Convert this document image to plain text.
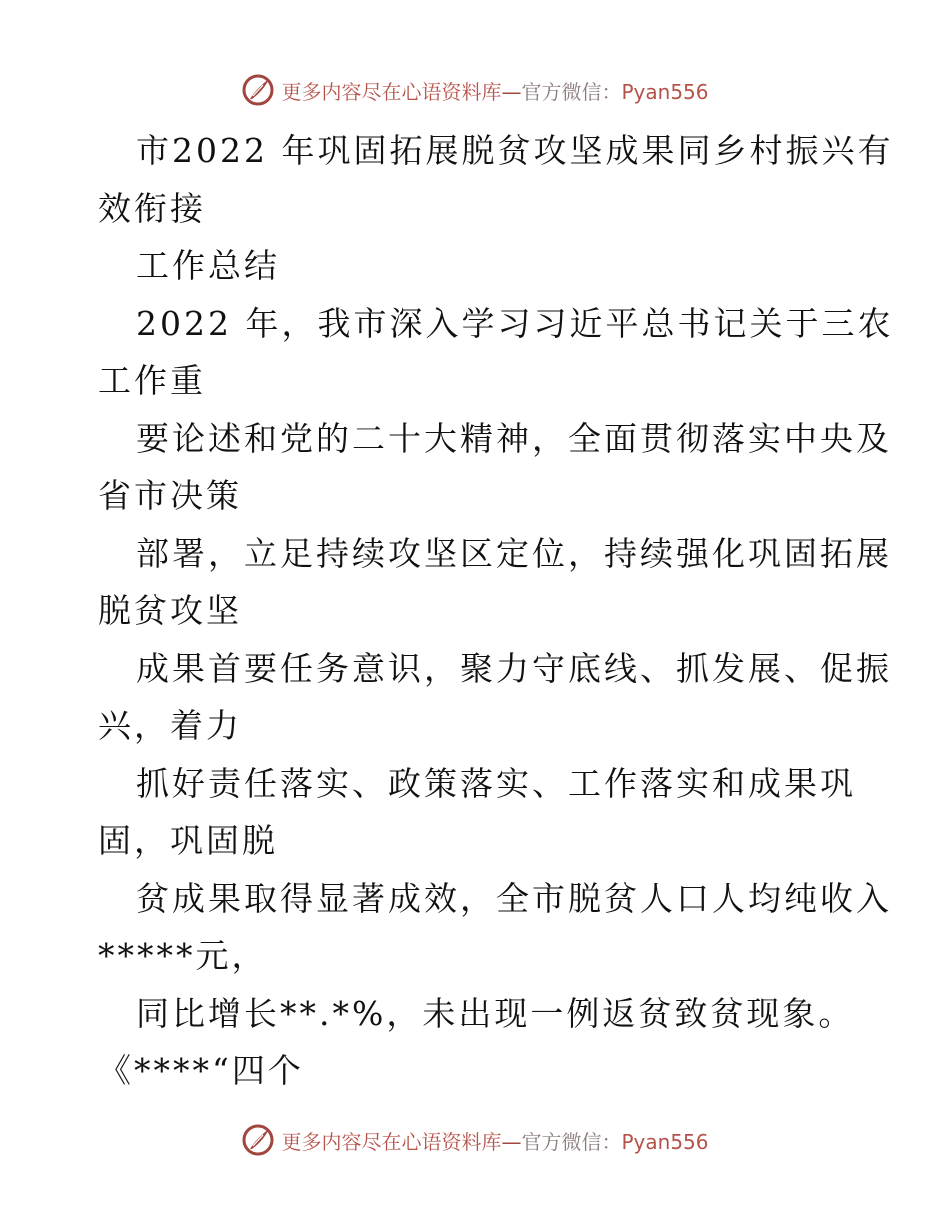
更多内容尽在心语资料库—官方微信：Pyan556
市2022 年巩固拓展脱贫攻坚成果同乡村振兴有
效衔接
工作总结
2022 年，我市深入学习习近平总书记关于三农
工作重
要论述和党的二十大精神，全面贯彻落实中央及
省市决策
部署，立足持续攻坚区定位，持续强化巩固拓展
脱贫攻坚
成果首要任务意识，聚力守底线、抓发展、促振
兴，着力
抓好责任落实、政策落实、工作落实和成果巩
固，巩固脱
贫成果取得显著成效，全市脱贫人口人均纯收入
*****元，
同比增长**.*%，未出现一例返贫致贫现象。
《****“四个
更多内容尽在心语资料库—官方微信：Pyan556
